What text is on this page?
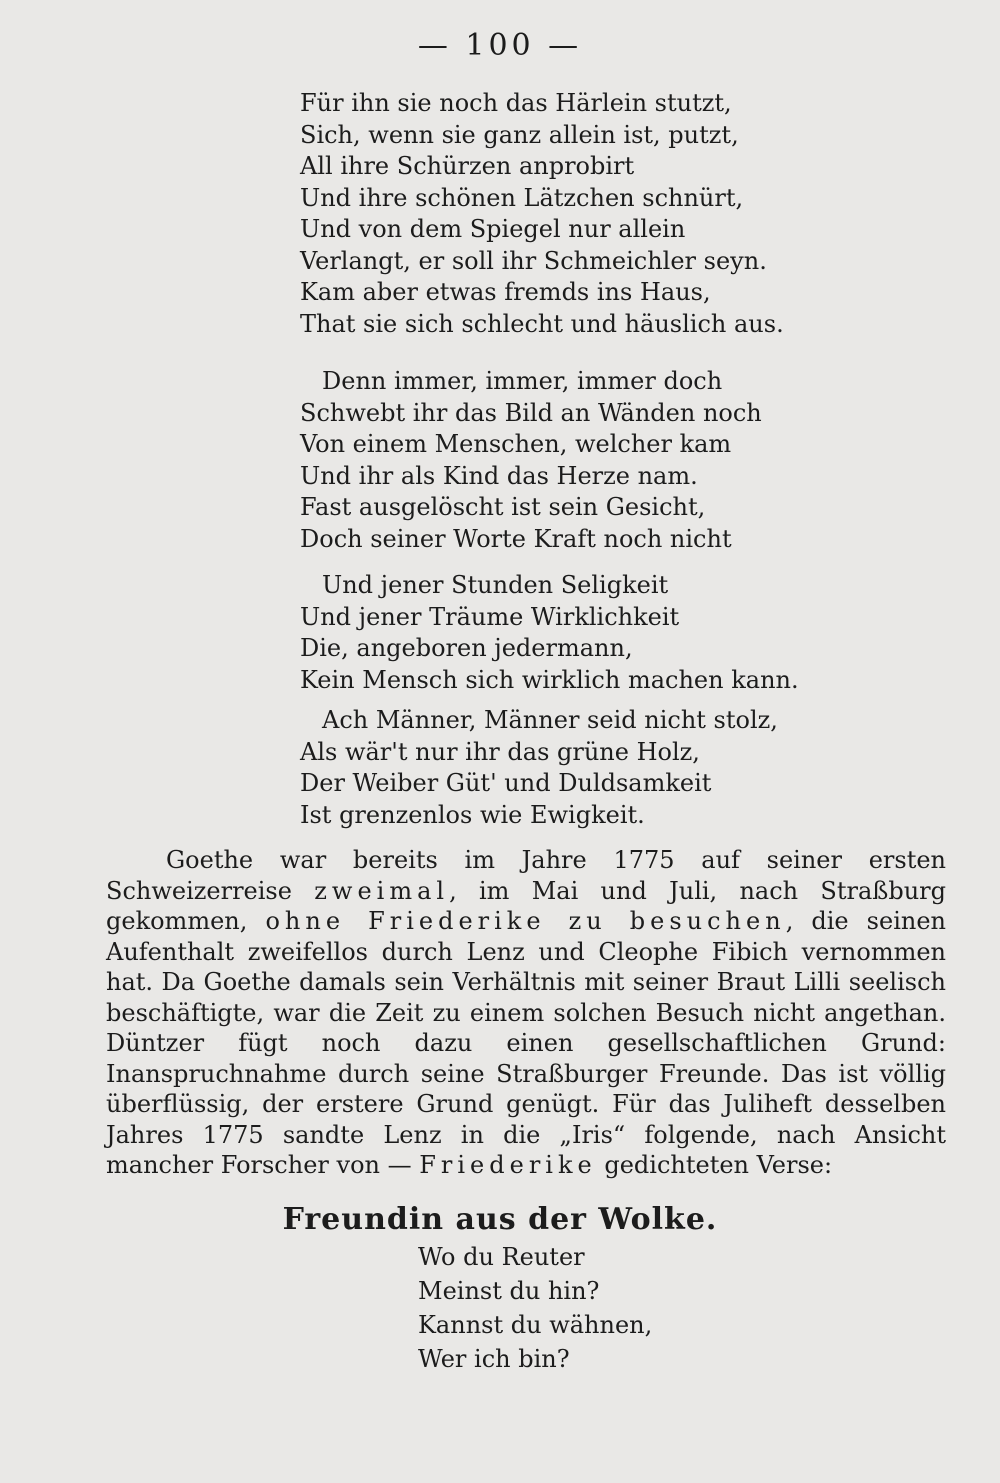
— 100 —
Für ihn sie noch das Härlein stutzt,
Sich, wenn sie ganz allein ist, putzt,
All ihre Schürzen anprobirt
Und ihre schönen Lätzchen schnürt,
Und von dem Spiegel nur allein
Verlangt, er soll ihr Schmeichler seyn.
Kam aber etwas fremds ins Haus,
That sie sich schlecht und häuslich aus.
Denn immer, immer, immer doch
Schwebt ihr das Bild an Wänden noch
Von einem Menschen, welcher kam
Und ihr als Kind das Herze nam.
Fast ausgelöscht ist sein Gesicht,
Doch seiner Worte Kraft noch nicht
Und jener Stunden Seligkeit
Und jener Träume Wirklichkeit
Die, angeboren jedermann,
Kein Mensch sich wirklich machen kann.
Ach Männer, Männer seid nicht stolz,
Als wär't nur ihr das grüne Holz,
Der Weiber Güt' und Duldsamkeit
Ist grenzenlos wie Ewigkeit.

Goethe war bereits im Jahre 1775 auf seiner ersten Schweizerreise zweimal, im Mai und Juli, nach Straßburg gekommen, ohne Friederike zu besuchen, die seinen Aufenthalt zweifellos durch Lenz und Cleophe Fibich vernommen hat. Da Goethe damals sein Verhältnis mit seiner Braut Lilli seelisch beschäftigte, war die Zeit zu einem solchen Besuch nicht angethan. Düntzer fügt noch dazu einen gesellschaftlichen Grund: Inanspruchnahme durch seine Straßburger Freunde. Das ist völlig überflüssig, der erstere Grund genügt. Für das Juliheft desselben Jahres 1775 sandte Lenz in die „Iris“ folgende, nach Ansicht mancher Forscher von — Friederike gedichteten Verse:

Freundin aus der Wolke.
Wo du Reuter
Meinst du hin?
Kannst du wähnen,
Wer ich bin?
